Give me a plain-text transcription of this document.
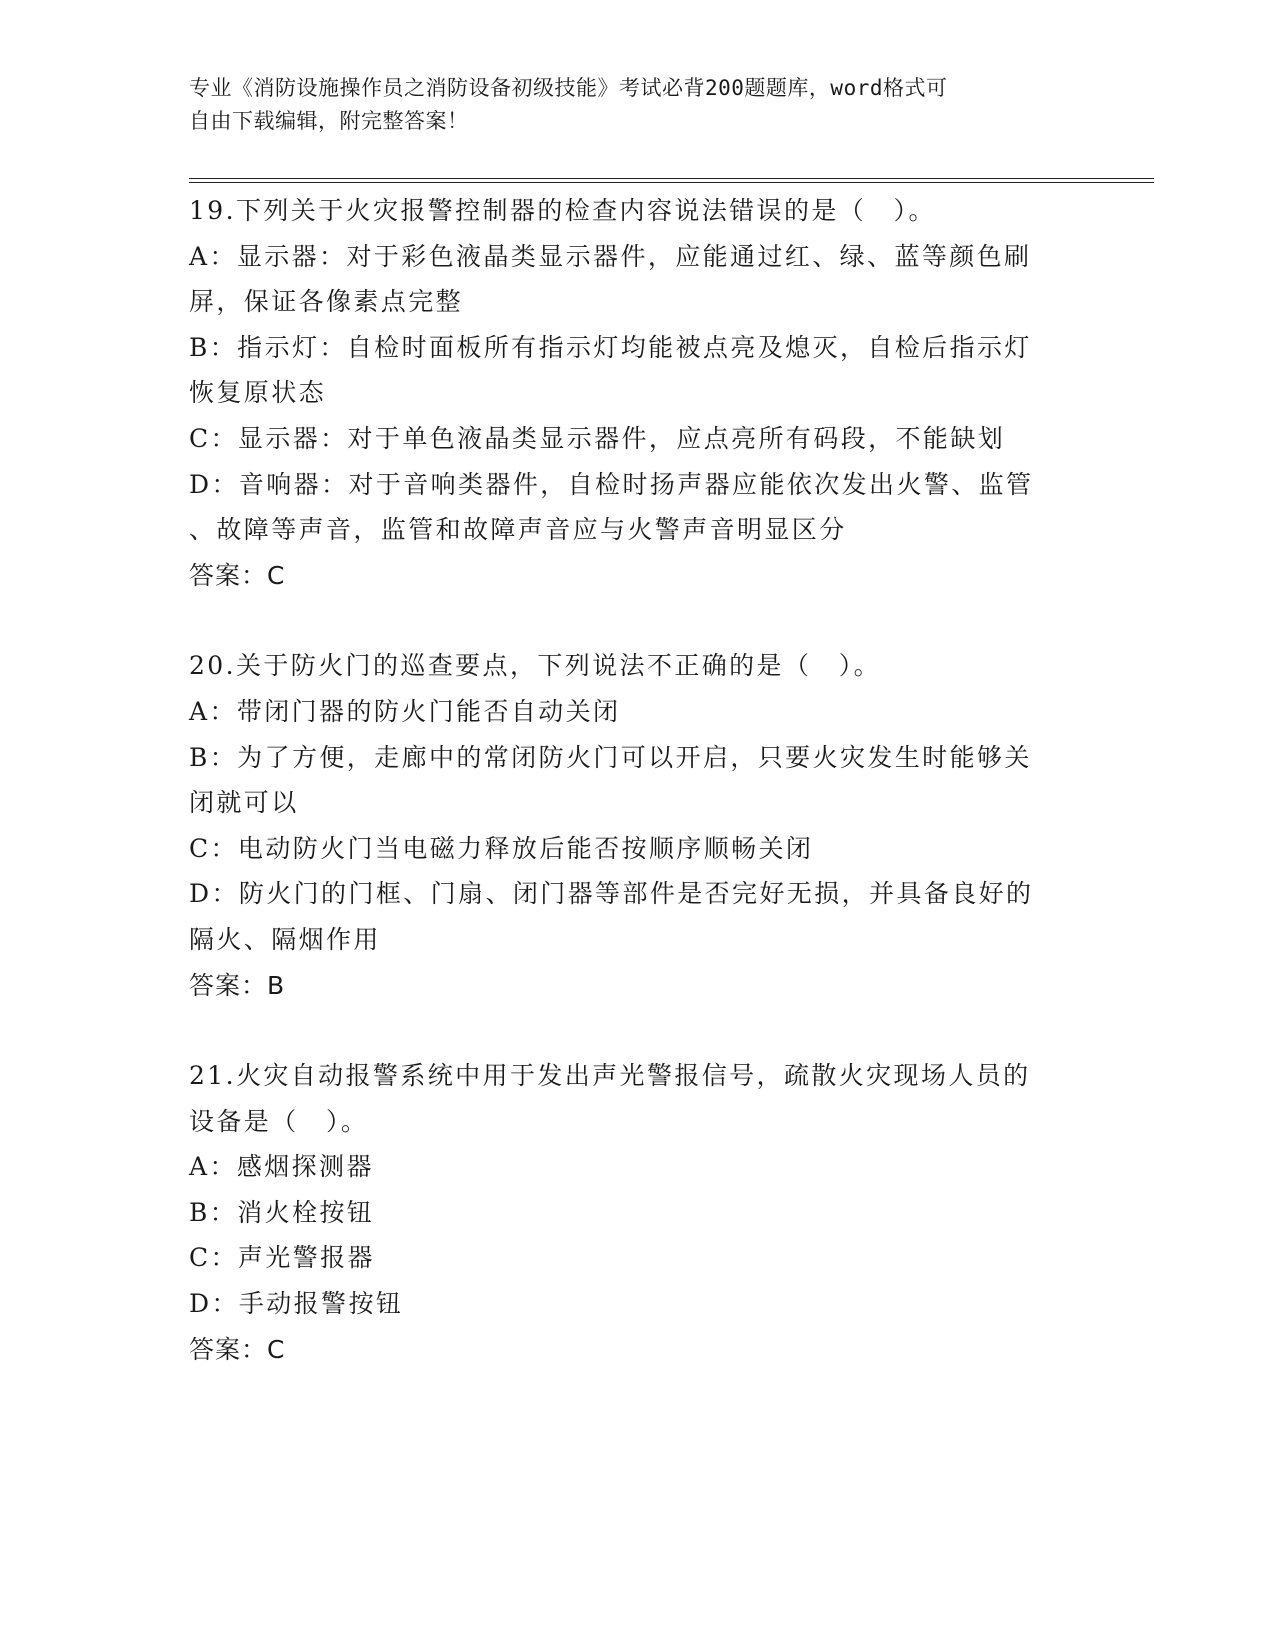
专业《消防设施操作员之消防设备初级技能》考试必背200题题库，word格式可
自由下载编辑，附完整答案！
19.下列关于火灾报警控制器的检查内容说法错误的是（　）。
A：显示器：对于彩色液晶类显示器件，应能通过红、绿、蓝等颜色刷
屏，保证各像素点完整
B：指示灯：自检时面板所有指示灯均能被点亮及熄灭，自检后指示灯
恢复原状态
C：显示器：对于单色液晶类显示器件，应点亮所有码段，不能缺划
D：音响器：对于音响类器件，自检时扬声器应能依次发出火警、监管
、故障等声音，监管和故障声音应与火警声音明显区分
答案：C
20.关于防火门的巡查要点，下列说法不正确的是（　）。
A：带闭门器的防火门能否自动关闭
B：为了方便，走廊中的常闭防火门可以开启，只要火灾发生时能够关
闭就可以
C：电动防火门当电磁力释放后能否按顺序顺畅关闭
D：防火门的门框、门扇、闭门器等部件是否完好无损，并具备良好的
隔火、隔烟作用
答案：B
21.火灾自动报警系统中用于发出声光警报信号，疏散火灾现场人员的
设备是（　）。
A：感烟探测器
B：消火栓按钮
C：声光警报器
D：手动报警按钮
答案：C
